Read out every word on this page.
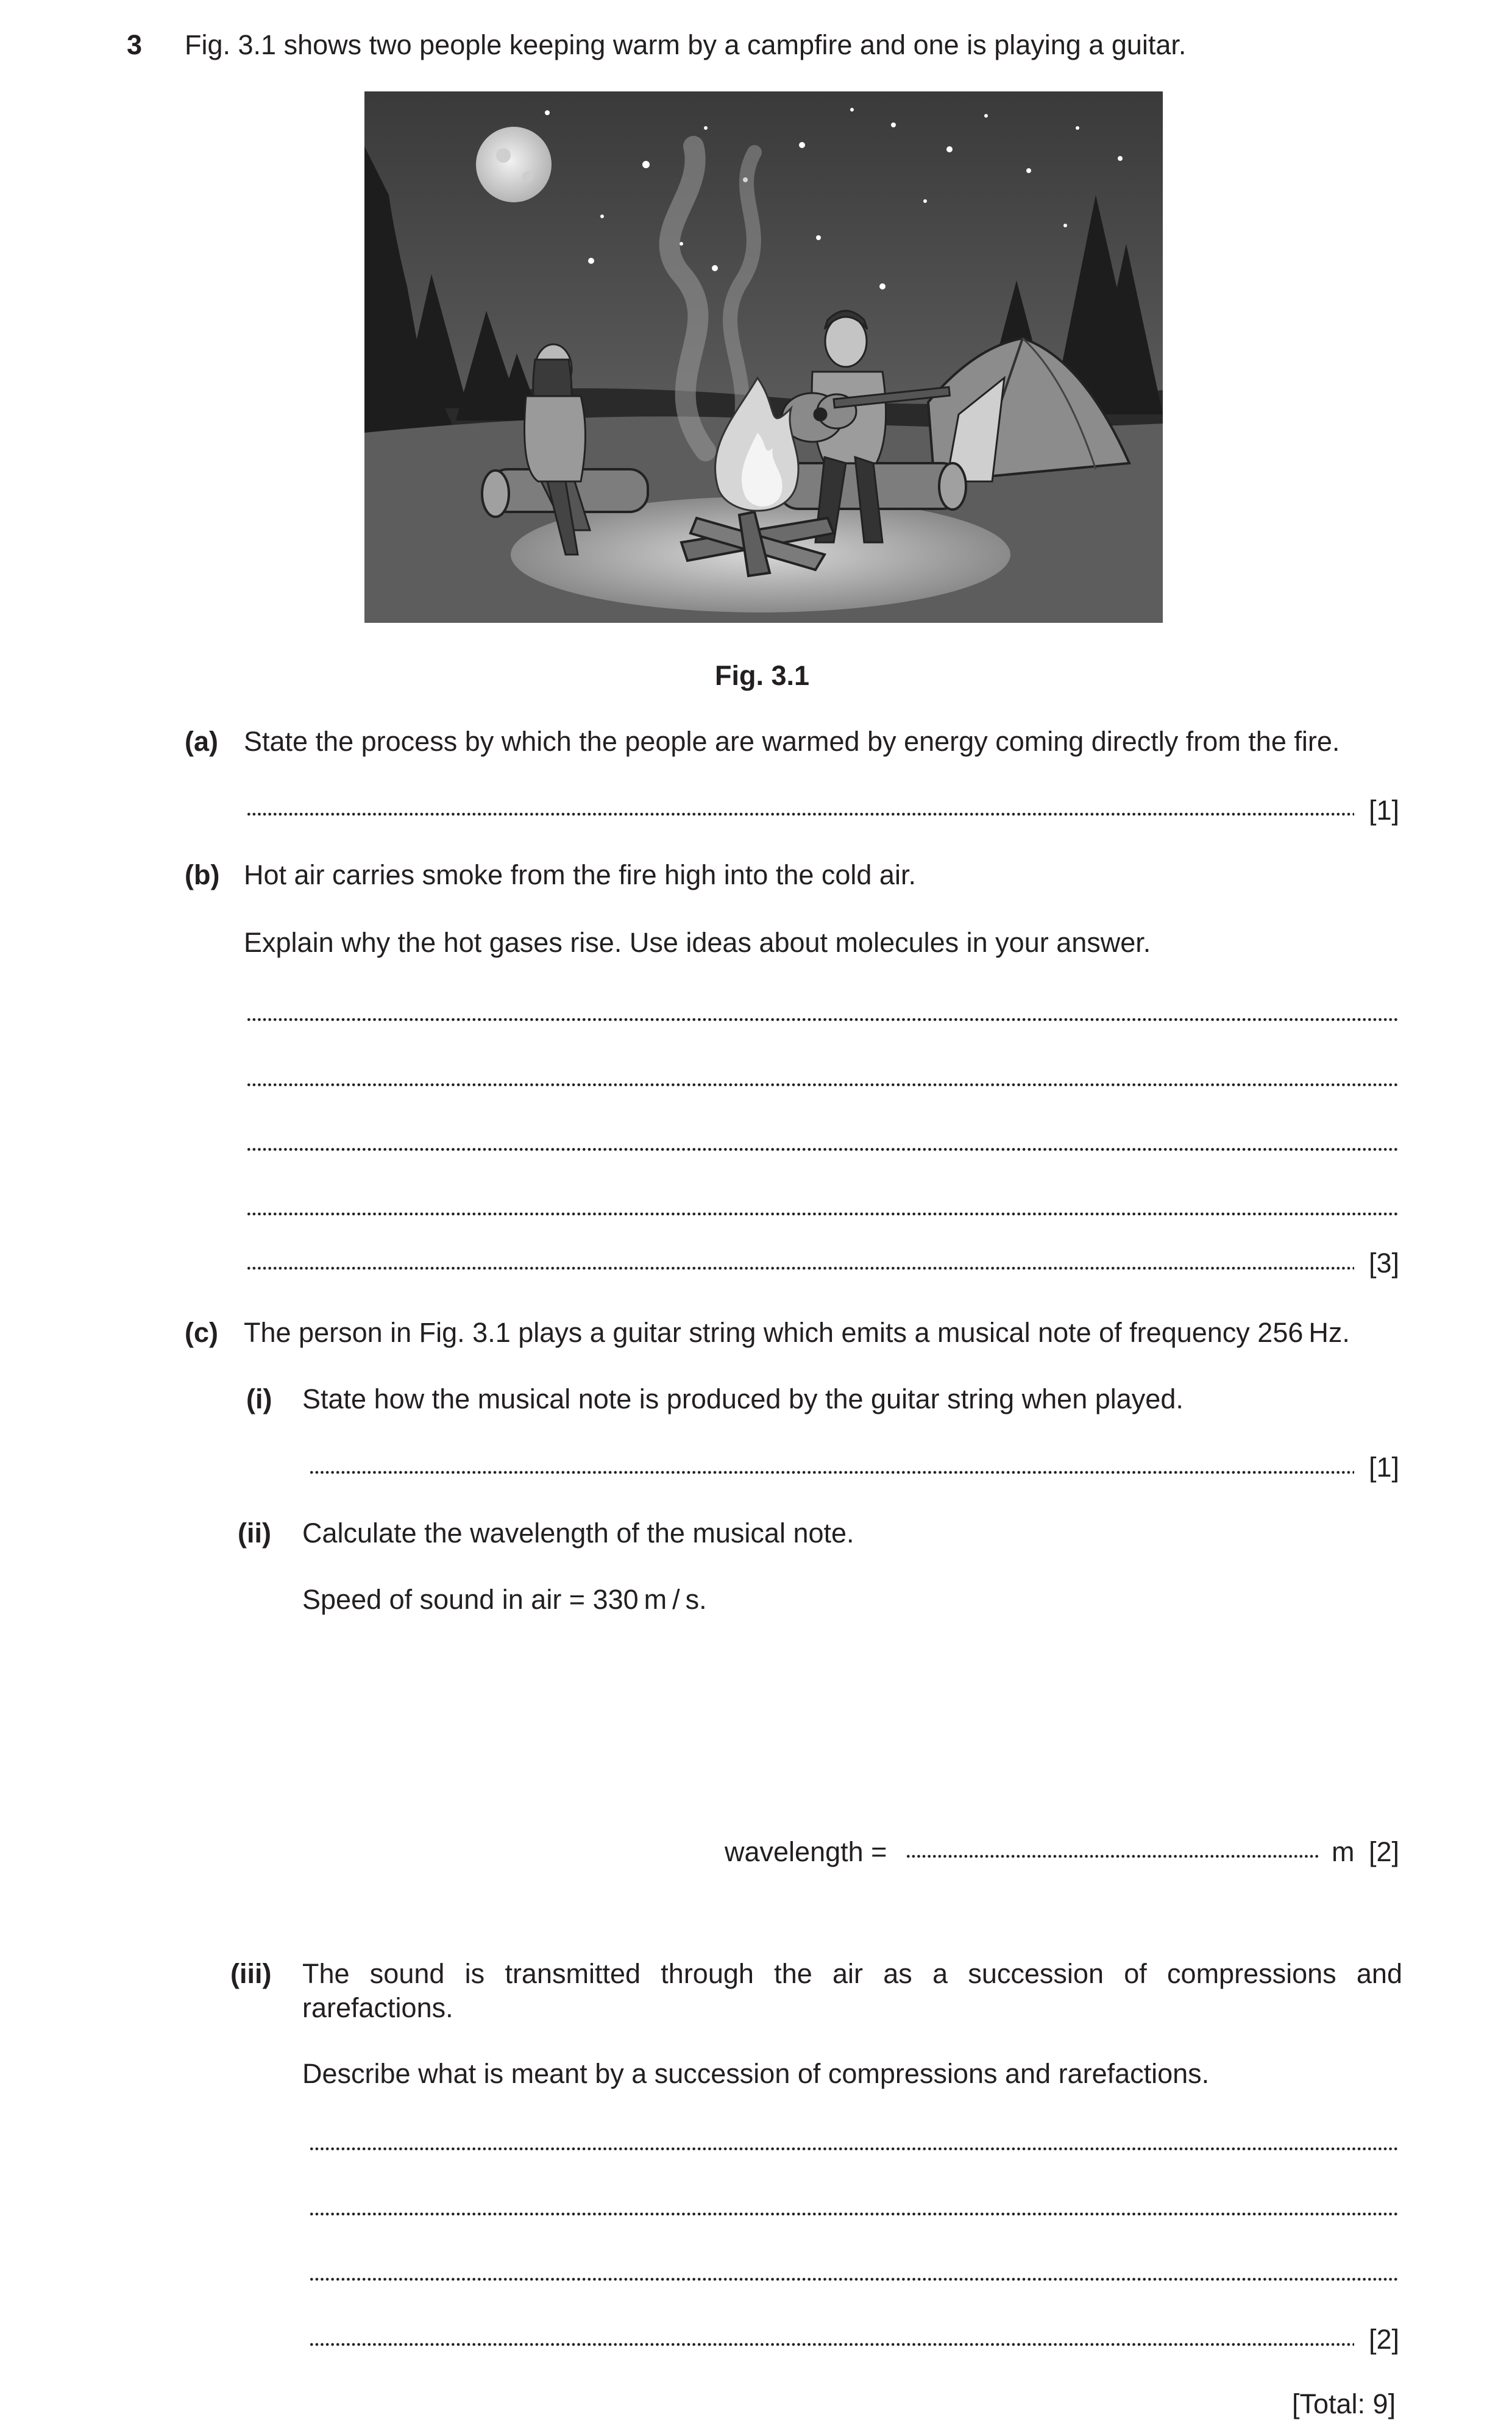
3 Fig. 3.1 shows two people keeping warm by a campfire and one is playing a guitar.
Fig. 3.1
(a) State the process by which the people are warmed by energy coming directly from the fire.
[1]
(b) Hot air carries smoke from the fire high into the cold air.
Explain why the hot gases rise. Use ideas about molecules in your answer.
[3]
(c) The person in Fig. 3.1 plays a guitar string which emits a musical note of frequency 256 Hz.
(i) State how the musical note is produced by the guitar string when played.
[1]
(ii) Calculate the wavelength of the musical note.
Speed of sound in air = 330 m / s.
wavelength =	m [2]
(iii) The sound is transmitted through the air as a succession of compressions and rarefactions.
Describe what is meant by a succession of compressions and rarefactions.
[2]
[Total: 9]
